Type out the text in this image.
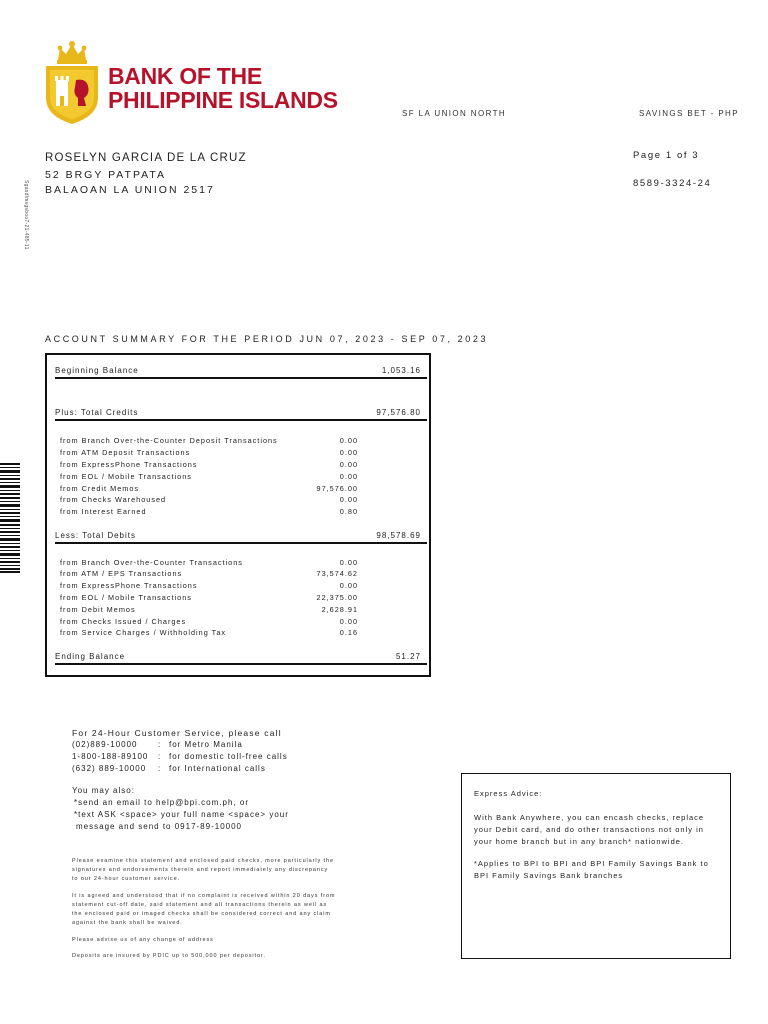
BANK OF THE
PHILIPPINE ISLANDS
SF LA UNION NORTH	SAVINGS BET - PHP
ROSELYN GARCIA DE LA CRUZ
52 BRGY PATPATA
BALAOAN LA UNION 2517
Page 1 of 3
8589-3324-24
Sgasdlmsgsboo7-21-485-11
ACCOUNT SUMMARY FOR THE PERIOD JUN 07, 2023 - SEP 07, 2023
Beginning Balance	1,053.16
Plus: Total Credits	97,576.80
from Branch Over-the-Counter Deposit Transactions	0.00
from ATM Deposit Transactions	0.00
from ExpressPhone Transactions	0.00
from EOL / Mobile Transactions	0.00
from Credit Memos	97,576.00
from Checks Warehoused	0.00
from Interest Earned	0.80
Less: Total Debits	98,578.69
from Branch Over-the-Counter Transactions	0.00
from ATM / EPS Transactions	73,574.62
from ExpressPhone Transactions	0.00
from EOL / Mobile Transactions	22,375.00
from Debit Memos	2,628.91
from Checks Issued / Charges	0.00
from Service Charges / Withholding Tax	0.16
Ending Balance	51.27
For 24-Hour Customer Service, please call
(02)889-10000	: for Metro Manila
1-800-188-89100 : for domestic toll-free calls
(632) 889-10000 : for International calls
You may also:
*send an email to help@bpi.com.ph, or
*text ASK <space> your full name <space> your
message and send to 0917-89-10000
Please examine this statement and enclosed paid checks, more particularly the
signatures and endorsements therein and report immediately any discrepancy
to our 24-hour customer service.
It is agreed and understood that if no complaint is received within 20 days from
statement cut-off date, said statement and all transactions therein as well as
the enclosed paid or imaged checks shall be considered correct and any claim
against the bank shall be waived.
Please advise us of any change of address
Deposits are insured by PDIC up to 500,000 per depositor.
Express Advice:
With Bank Anywhere, you can encash checks, replace
your Debit card, and do other transactions not only in
your home branch but in any branch* nationwide.
*Applies to BPI to BPI and BPI Family Savings Bank to
BPI Family Savings Bank branches
